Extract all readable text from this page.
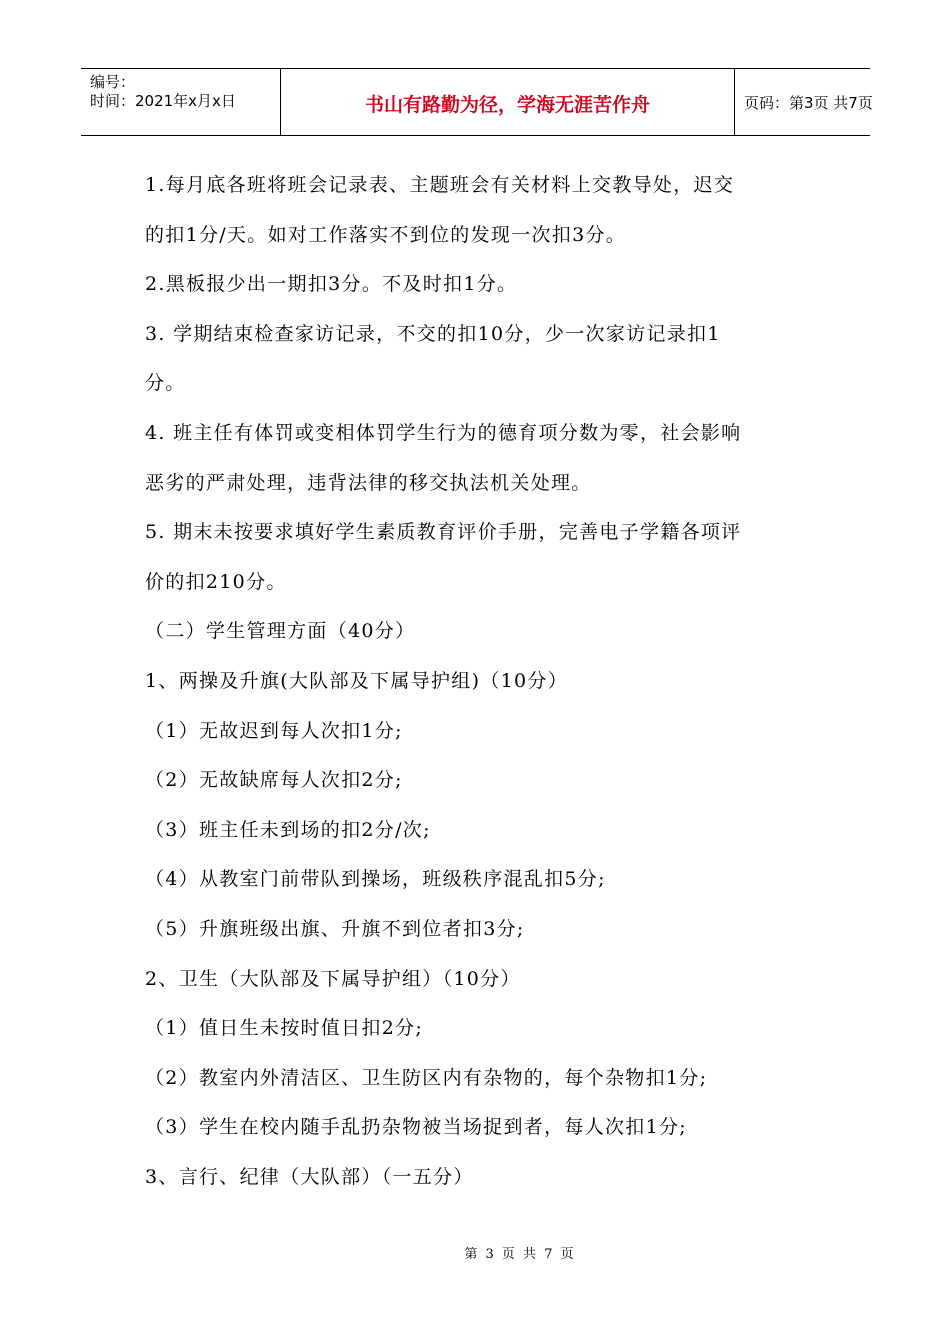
编号：
时间：2021年x月x日	书山有路勤为径，学海无涯苦作舟	页码：第3页 共7页
1.每月底各班将班会记录表、主题班会有关材料上交教导处，迟交
的扣1分/天。如对工作落实不到位的发现一次扣3分。
2.黑板报少出一期扣3分。不及时扣1分。
3. 学期结束检查家访记录，不交的扣10分，少一次家访记录扣1
分。
4. 班主任有体罚或变相体罚学生行为的德育项分数为零，社会影响
恶劣的严肃处理，违背法律的移交执法机关处理。
5. 期末未按要求填好学生素质教育评价手册，完善电子学籍各项评
价的扣210分。
（二）学生管理方面（40分）
1、两操及升旗(大队部及下属导护组)（10分）
（1）无故迟到每人次扣1分;
（2）无故缺席每人次扣2分;
（3）班主任未到场的扣2分/次;
（4）从教室门前带队到操场，班级秩序混乱扣5分;
（5）升旗班级出旗、升旗不到位者扣3分;
2、卫生（大队部及下属导护组）（10分）
（1）值日生未按时值日扣2分;
（2）教室内外清洁区、卫生防区内有杂物的，每个杂物扣1分;
（3）学生在校内随手乱扔杂物被当场捉到者，每人次扣1分;
3、言行、纪律（大队部）（一五分）
第 3 页 共 7 页
